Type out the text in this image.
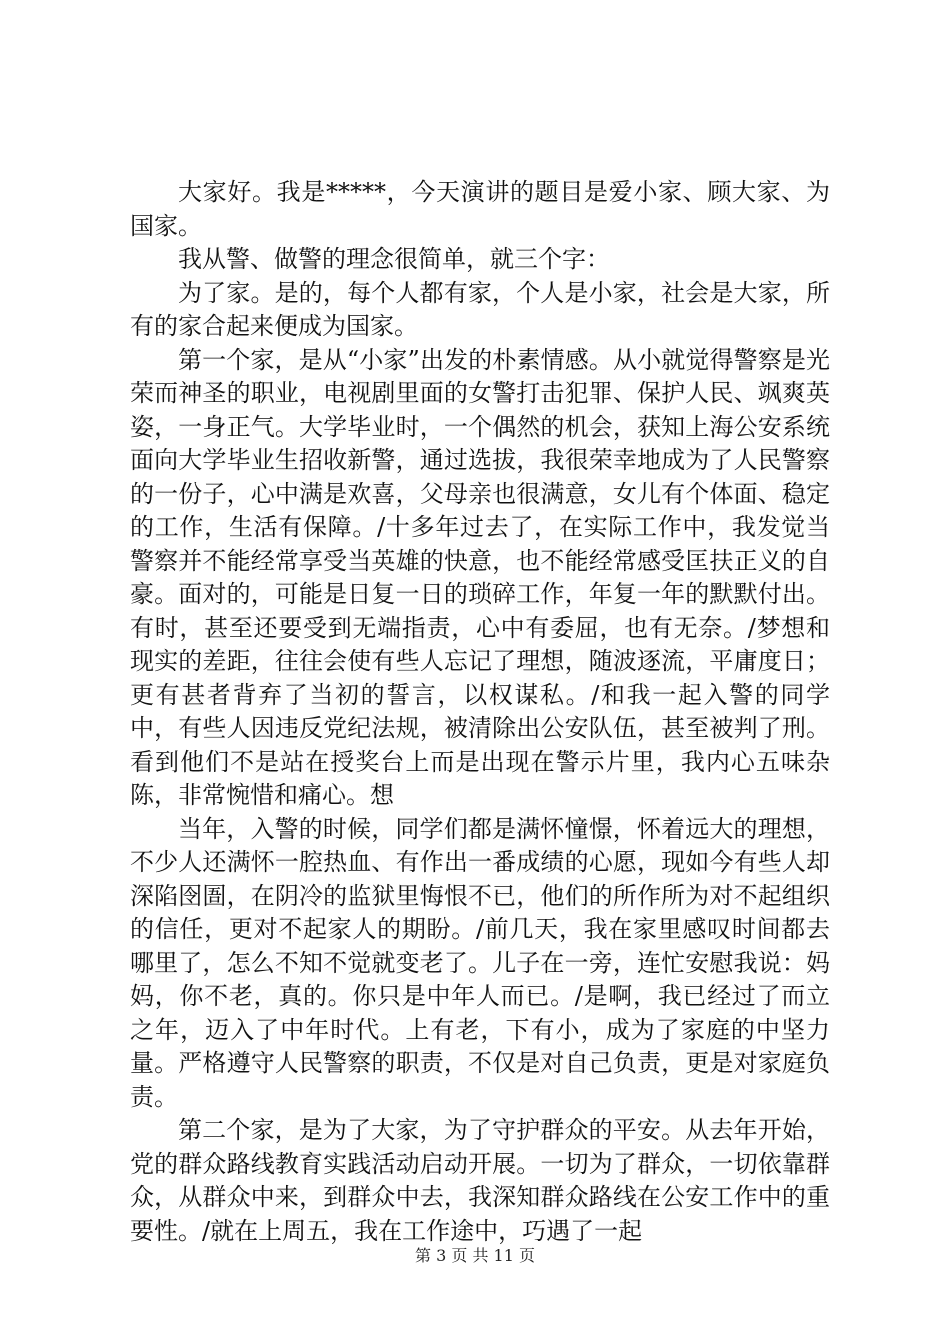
大家好。我是*****，今天演讲的题目是爱小家、顾大家、为国家。

我从警、做警的理念很简单，就三个字：

为了家。是的，每个人都有家，个人是小家，社会是大家，所有的家合起来便成为国家。

第一个家，是从“小家”出发的朴素情感。从小就觉得警察是光荣而神圣的职业，电视剧里面的女警打击犯罪、保护人民、飒爽英姿，一身正气。大学毕业时，一个偶然的机会，获知上海公安系统面向大学毕业生招收新警，通过选拔，我很荣幸地成为了人民警察的一份子，心中满是欢喜，父母亲也很满意，女儿有个体面、稳定的工作，生活有保障。/十多年过去了，在实际工作中，我发觉当警察并不能经常享受当英雄的快意，也不能经常感受匡扶正义的自豪。面对的，可能是日复一日的琐碎工作，年复一年的默默付出。有时，甚至还要受到无端指责，心中有委屈，也有无奈。/梦想和现实的差距，往往会使有些人忘记了理想，随波逐流，平庸度日；更有甚者背弃了当初的誓言，以权谋私。/和我一起入警的同学中，有些人因违反党纪法规，被清除出公安队伍，甚至被判了刑。看到他们不是站在授奖台上而是出现在警示片里，我内心五味杂陈，非常惋惜和痛心。想

当年，入警的时候，同学们都是满怀憧憬，怀着远大的理想，不少人还满怀一腔热血、有作出一番成绩的心愿，现如今有些人却深陷囹圄，在阴冷的监狱里悔恨不已，他们的所作所为对不起组织的信任，更对不起家人的期盼。/前几天，我在家里感叹时间都去哪里了，怎么不知不觉就变老了。儿子在一旁，连忙安慰我说：妈妈，你不老，真的。你只是中年人而已。/是啊，我已经过了而立之年，迈入了中年时代。上有老，下有小，成为了家庭的中坚力量。严格遵守人民警察的职责，不仅是对自己负责，更是对家庭负责。

第二个家，是为了大家，为了守护群众的平安。从去年开始，党的群众路线教育实践活动启动开展。一切为了群众，一切依靠群众，从群众中来，到群众中去，我深知群众路线在公安工作中的重要性。/就在上周五，我在工作途中，巧遇了一起

第 3 页 共 11 页
